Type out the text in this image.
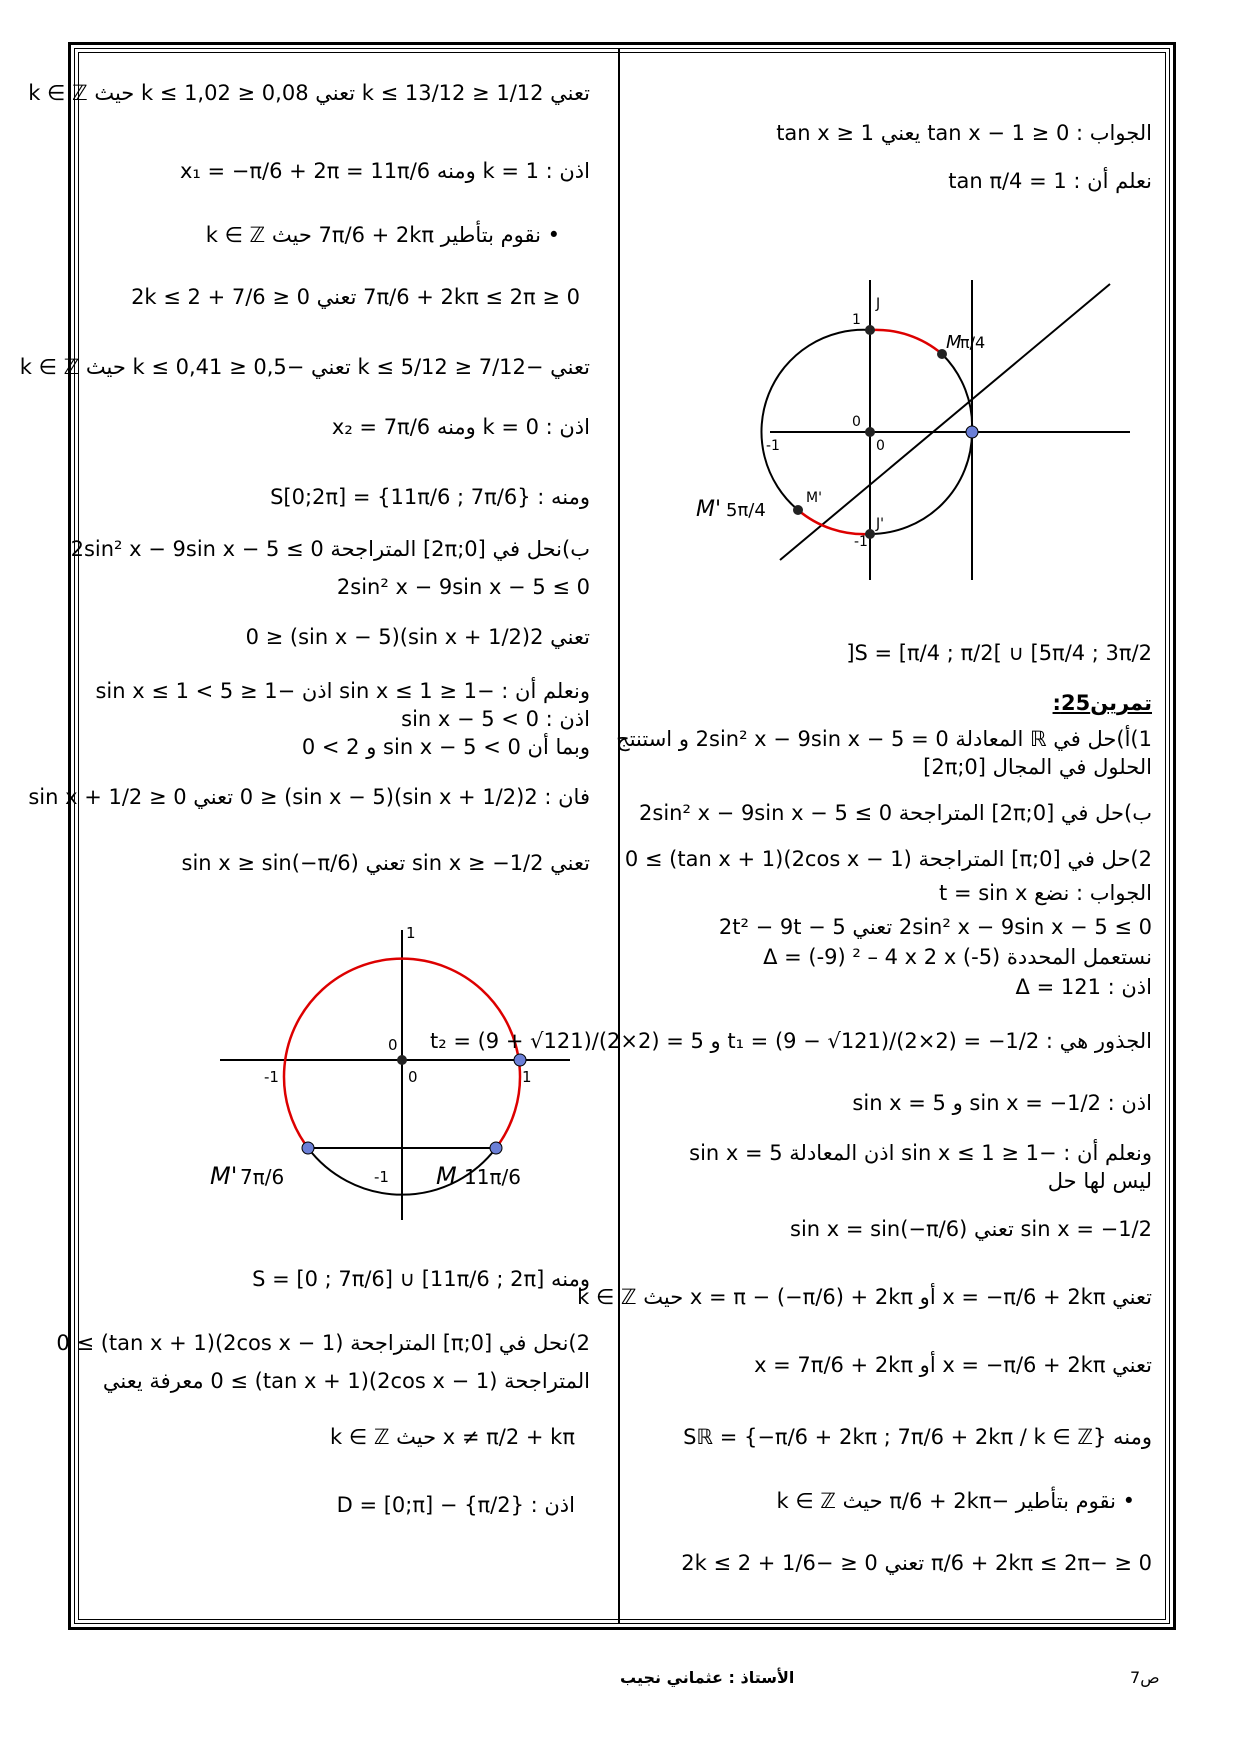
تعني 1/12 ≤ k ≤ 13/12 تعني 0,08 ≤ k ≤ 1,02 حيث k ∈ ℤ
اذن : k = 1 ومنه x₁ = −π/6 + 2π = 11π/6
• نقوم بتأطير 7π/6 + 2kπ حيث k ∈ ℤ
0 ≤ 7π/6 + 2kπ ≤ 2π تعني 0 ≤ 7/6 + 2k ≤ 2
تعني −7/12 ≤ k ≤ 5/12 تعني −0,5 ≤ k ≤ 0,41 حيث k ∈ ℤ
اذن : k = 0 ومنه x₂ = 7π/6
ومنه : S[0;2π] = {11π/6 ; 7π/6}
ب)نحل في [0;2π] المتراجحة 2sin² x − 9sin x − 5 ≤ 0
2sin² x − 9sin x − 5 ≤ 0
تعني 2(sin x + 1/2)(sin x − 5) ≤ 0
ونعلم أن : −1 ≤ sin x ≤ 1 اذن −1 ≤ sin x ≤ 1 < 5
اذن : sin x − 5 < 0
وبما أن sin x − 5 < 0 و 2 > 0
فان : 2(sin x + 1/2)(sin x − 5) ≤ 0 تعني sin x + 1/2 ≥ 0
تعني sin x ≥ −1/2 تعني sin x ≥ sin(−π/6)
1
0
0
-1	1
-1
M' 7π/6	M 11π/6
ومنه S = [0 ; 7π/6] ∪ [11π/6 ; 2π]
2)نحل في [0;π] المتراجحة (2cos x − 1)(tan x + 1) ≥ 0
المتراجحة (2cos x − 1)(tan x + 1) ≥ 0 معرفة يعني
x ≠ π/2 + kπ حيث k ∈ ℤ
اذن : D = [0;π] − {π/2}
الجواب : tan x − 1 ≥ 0 يعني tan x ≥ 1
نعلم أن : tan π/4 = 1
J
1
0
0
-1
-1
J'
M
π/4
M'
M' 5π/4
S = [π/4 ; π/2[ ∪ [5π/4 ; 3π/2[
تمرين25:
1)أ)حل في ℝ المعادلة 2sin² x − 9sin x − 5 = 0 و استنتج
الحلول في المجال [0;2π]
ب)حل في [0;2π] المتراجحة 2sin² x − 9sin x − 5 ≤ 0
2)حل في [0;π] المتراجحة (2cos x − 1)(tan x + 1) ≥ 0
الجواب : نضع t = sin x
2sin² x − 9sin x − 5 ≤ 0 تعني 2t² − 9t − 5
نستعمل المحددة Δ = (-9) ² – 4 x 2 x (-5)
اذن : Δ = 121
الجذور هي : t₁ = (9 − √121)/(2×2) = −1/2 و t₂ = (9 + √121)/(2×2) = 5
اذن : sin x = −1/2 و sin x = 5
ونعلم أن : −1 ≤ sin x ≤ 1 اذن المعادلة sin x = 5
ليس لها حل
sin x = −1/2 تعني sin x = sin(−π/6)
تعني x = −π/6 + 2kπ أو x = π − (−π/6) + 2kπ حيث k ∈ ℤ
تعني x = −π/6 + 2kπ أو x = 7π/6 + 2kπ
ومنه Sℝ = {−π/6 + 2kπ ; 7π/6 + 2kπ / k ∈ ℤ}
• نقوم بتأطير −π/6 + 2kπ حيث k ∈ ℤ
0 ≤ −π/6 + 2kπ ≤ 2π تعني 0 ≤ −1/6 + 2k ≤ 2
الأستاذ : عثماني نجيب	ص7
